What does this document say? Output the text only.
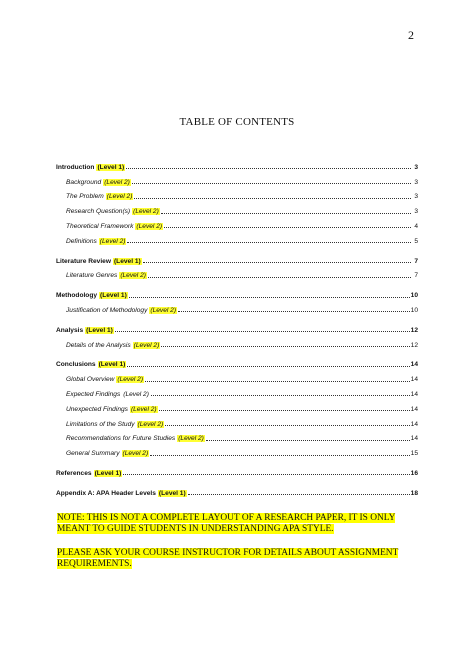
2
TABLE OF CONTENTS
Introduction (Level 1)	3
Background (Level 2)	3
The Problem (Level 2)	3
Research Question(s) (Level 2)	3
Theoretical Framework (Level 2)	4
Definitions (Level 2)	5
Literature Review (Level 1)	7
Literature Genres (Level 2)	7
Methodology (Level 1)	10
Justification of Methodology (Level 2)	10
Analysis (Level 1)	12
Details of the Analysis (Level 2)	12
Conclusions (Level 1)	14
Global Overview (Level 2)	14
Expected Findings (Level 2)	14
Unexpected Findings (Level 2)	14
Limitations of the Study (Level 2)	14
Recommendations for Future Studies (Level 2)	14
General Summary (Level 2)	15
References (Level 1)	16
Appendix A: APA Header Levels (Level 1)	18
NOTE: THIS IS NOT A COMPLETE LAYOUT OF A RESEARCH PAPER, IT IS ONLY MEANT TO GUIDE STUDENTS IN UNDERSTANDING APA STYLE.
PLEASE ASK YOUR COURSE INSTRUCTOR FOR DETAILS ABOUT ASSIGNMENT REQUIREMENTS.
